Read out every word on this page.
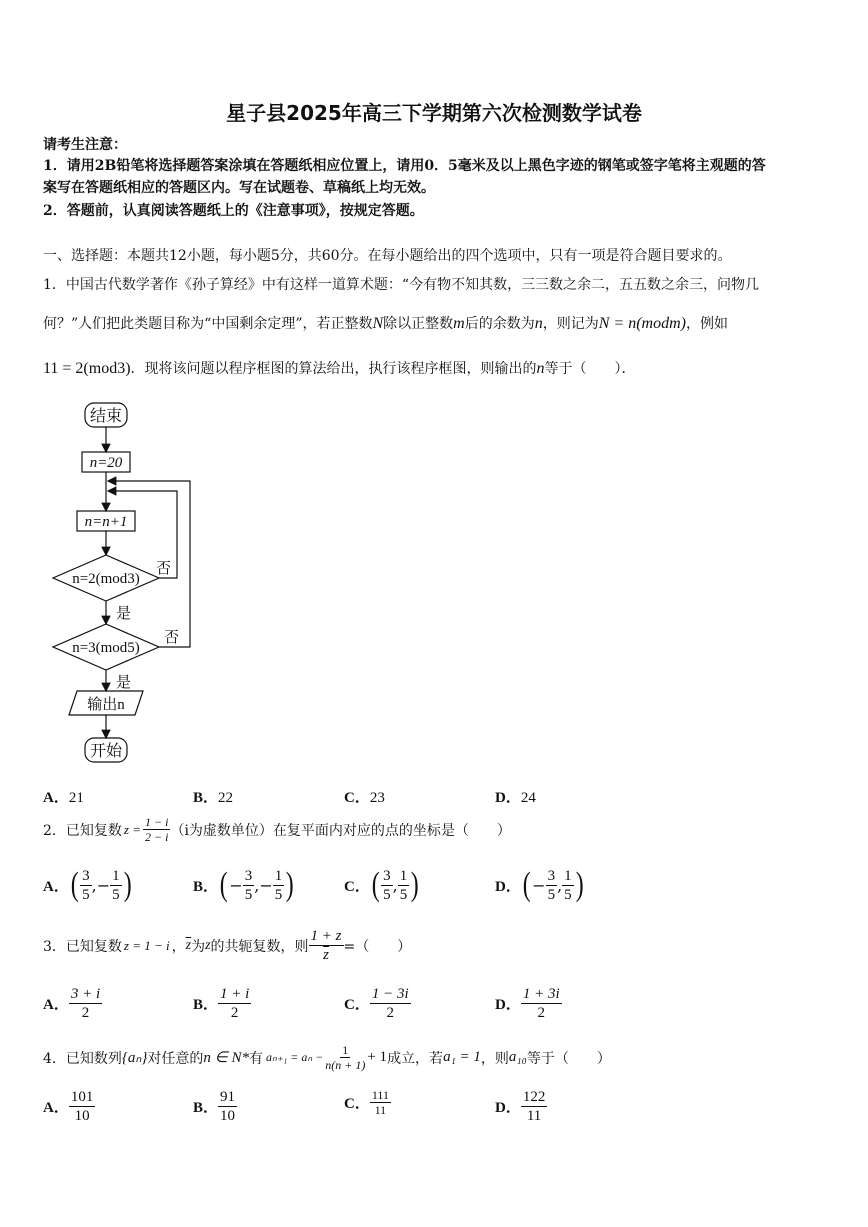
星子县2025年高三下学期第六次检测数学试卷
请考生注意：
1．请用2B铅笔将选择题答案涂填在答题纸相应位置上，请用0．5毫米及以上黑色字迹的钢笔或签字笔将主观题的答
案写在答题纸相应的答题区内。写在试题卷、草稿纸上均无效。
2．答题前，认真阅读答题纸上的《注意事项》，按规定答题。
一、选择题：本题共12小题，每小题5分，共60分。在每小题给出的四个选项中，只有一项是符合题目要求的。
1．中国古代数学著作《孙子算经》中有这样一道算术题：“今有物不知其数，三三数之余二，五五数之余三，问物几
何？”人们把此类题目称为“中国剩余定理”，若正整数N除以正整数m后的余数为n，则记为N = n(modm)，例如
11 = 2(mod3)．现将该问题以程序框图的算法给出，执行该程序框图，则输出的n等于（　　）．
结束
n=20
n=n+1
n=2(mod3)
n=3(mod5)
否
否
是
是
输出n
开始
A．21	B．22	C．23	D．24
2．已知复数 $z = \frac{1 - i}{2 - i} (i$为虚数单位）在复平面内对应的点的坐标是（　　）
A． ( $\frac{3}{5}$ , − $\frac{1}{5}$ )	B． ( − $\frac{3}{5}$ , − $\frac{1}{5}$ )	C． ( $\frac{3}{5}$ , $\frac{1}{5}$ )	D． ( − $\frac{3}{5}$ , $\frac{1}{5}$ )
3．已知复数 z = 1 − i ， $\overline{z}$ 为 z 的共轭复数，则 $\frac{1 + z}{z}$ =（　　）
A． $\frac{3 + i}{2}$	B． $\frac{1 + i}{2}$	C． $\frac{1 - 3i}{2}$	D． $\frac{1 + 3i}{2}$
4．已知数列 {aₙ} 对任意的 n ∈ N* 有 $a_{n+1} = a_n - \frac{1}{n(n + 1)} + 1$ 成立，若 a₁ = 1 ，则 a₁₀ 等于（　　）
A． $\frac{101}{10}$	B． $\frac{91}{10}$	C． $\frac{111}{11}$	D． $\frac{122}{11}$
